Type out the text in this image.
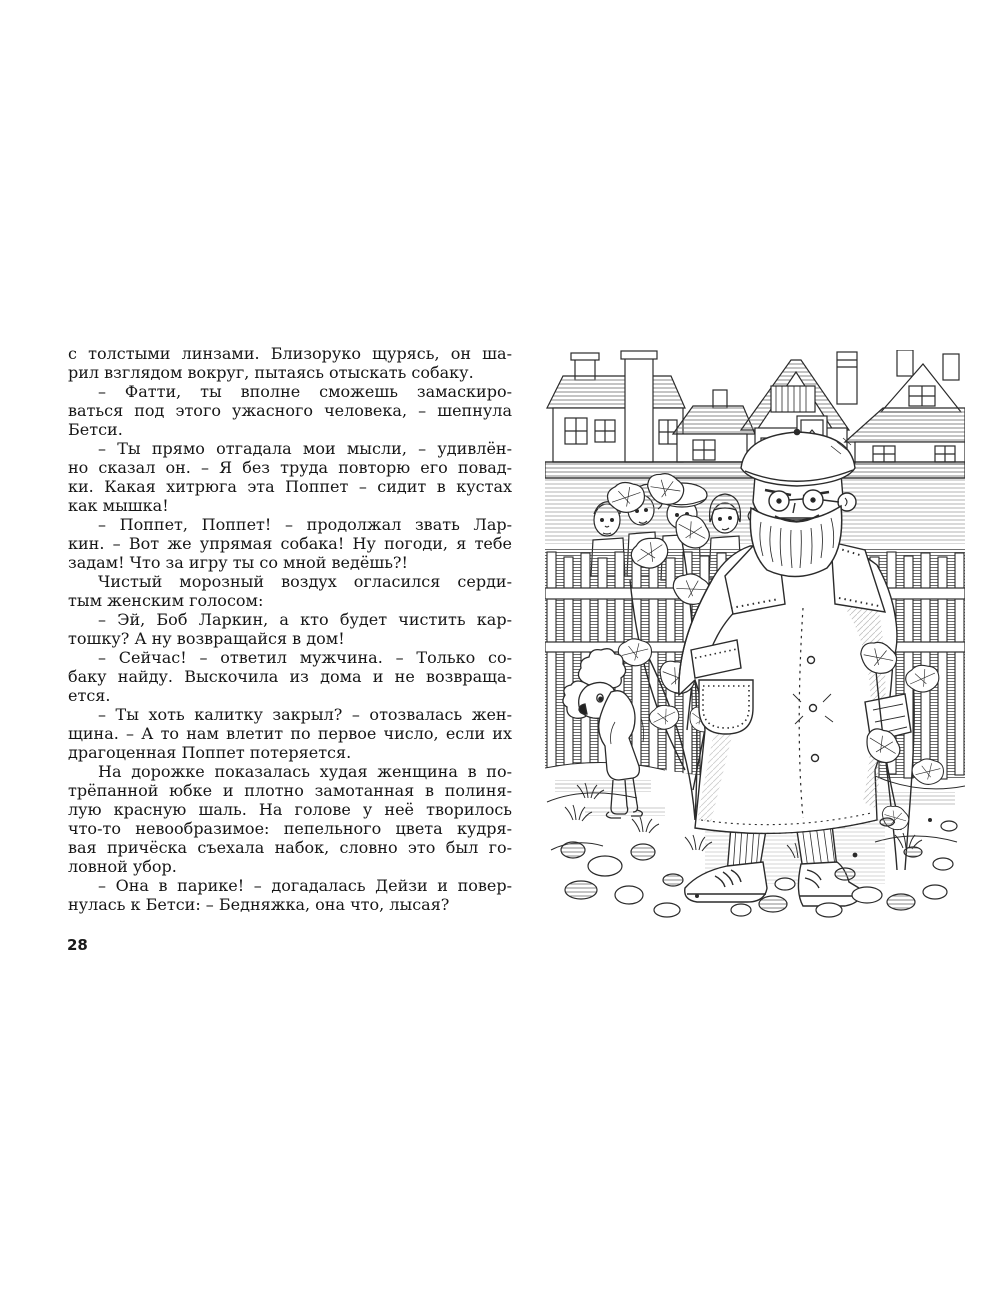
с толстыми линзами. Близоруко щурясь, он ша-
рил взглядом вокруг, пытаясь отыскать собаку.
– Фатти, ты вполне сможешь замаскиро-
ваться под этого ужасного человека, – шепнула
Бетси.
– Ты прямо отгадала мои мысли, – удивлён-
но сказал он. – Я без труда повторю его повад-
ки. Какая хитрюга эта Поппет – сидит в кустах
как мышка!
– Поппет, Поппет! – продолжал звать Лар-
кин. – Вот же упрямая собака! Ну погоди, я тебе
задам! Что за игру ты со мной ведёшь?!
Чистый морозный воздух огласился серди-
тым женским голосом:
– Эй, Боб Ларкин, а кто будет чистить кар-
тошку? А ну возвращайся в дом!
– Сейчас! – ответил мужчина. – Только со-
баку найду. Выскочила из дома и не возвраща-
ется.
– Ты хоть калитку закрыл? – отозвалась жен-
щина. – А то нам влетит по первое число, если их
драгоценная Поппет потеряется.
На дорожке показалась худая женщина в по-
трёпанной юбке и плотно замотанная в полиня-
лую красную шаль. На голове у неё творилось
что-то невообразимое: пепельного цвета кудря-
вая причёска съехала набок, словно это был го-
ловной убор.
– Она в парике! – догадалась Дейзи и повер-
нулась к Бетси: – Бедняжка, она что, лысая?
28
